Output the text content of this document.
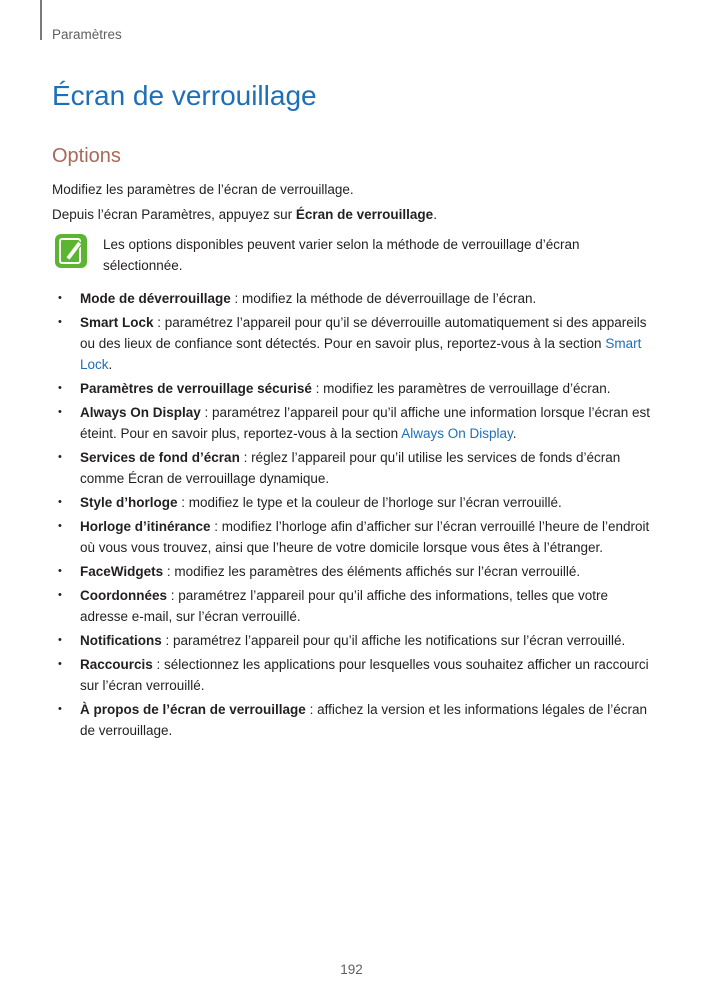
Paramètres
Écran de verrouillage
Options

Modifiez les paramètres de l’écran de verrouillage.

Depuis l’écran Paramètres, appuyez sur Écran de verrouillage.

Les options disponibles peuvent varier selon la méthode de verrouillage d’écran sélectionnée.
• Mode de déverrouillage : modifiez la méthode de déverrouillage de l’écran.
• Smart Lock : paramétrez l’appareil pour qu’il se déverrouille automatiquement si des appareils ou des lieux de confiance sont détectés. Pour en savoir plus, reportez-vous à la section Smart Lock.
• Paramètres de verrouillage sécurisé : modifiez les paramètres de verrouillage d’écran.
• Always On Display : paramétrez l’appareil pour qu’il affiche une information lorsque l’écran est éteint. Pour en savoir plus, reportez-vous à la section Always On Display.
• Services de fond d’écran : réglez l’appareil pour qu’il utilise les services de fonds d’écran comme Écran de verrouillage dynamique.
• Style d’horloge : modifiez le type et la couleur de l’horloge sur l’écran verrouillé.
• Horloge d’itinérance : modifiez l’horloge afin d’afficher sur l’écran verrouillé l’heure de l’endroit où vous vous trouvez, ainsi que l’heure de votre domicile lorsque vous êtes à l’étranger.
• FaceWidgets : modifiez les paramètres des éléments affichés sur l’écran verrouillé.
• Coordonnées : paramétrez l’appareil pour qu’il affiche des informations, telles que votre adresse e-mail, sur l’écran verrouillé.
• Notifications : paramétrez l’appareil pour qu’il affiche les notifications sur l’écran verrouillé.
• Raccourcis : sélectionnez les applications pour lesquelles vous souhaitez afficher un raccourci sur l’écran verrouillé.
• À propos de l’écran de verrouillage : affichez la version et les informations légales de l’écran de verrouillage.
192
